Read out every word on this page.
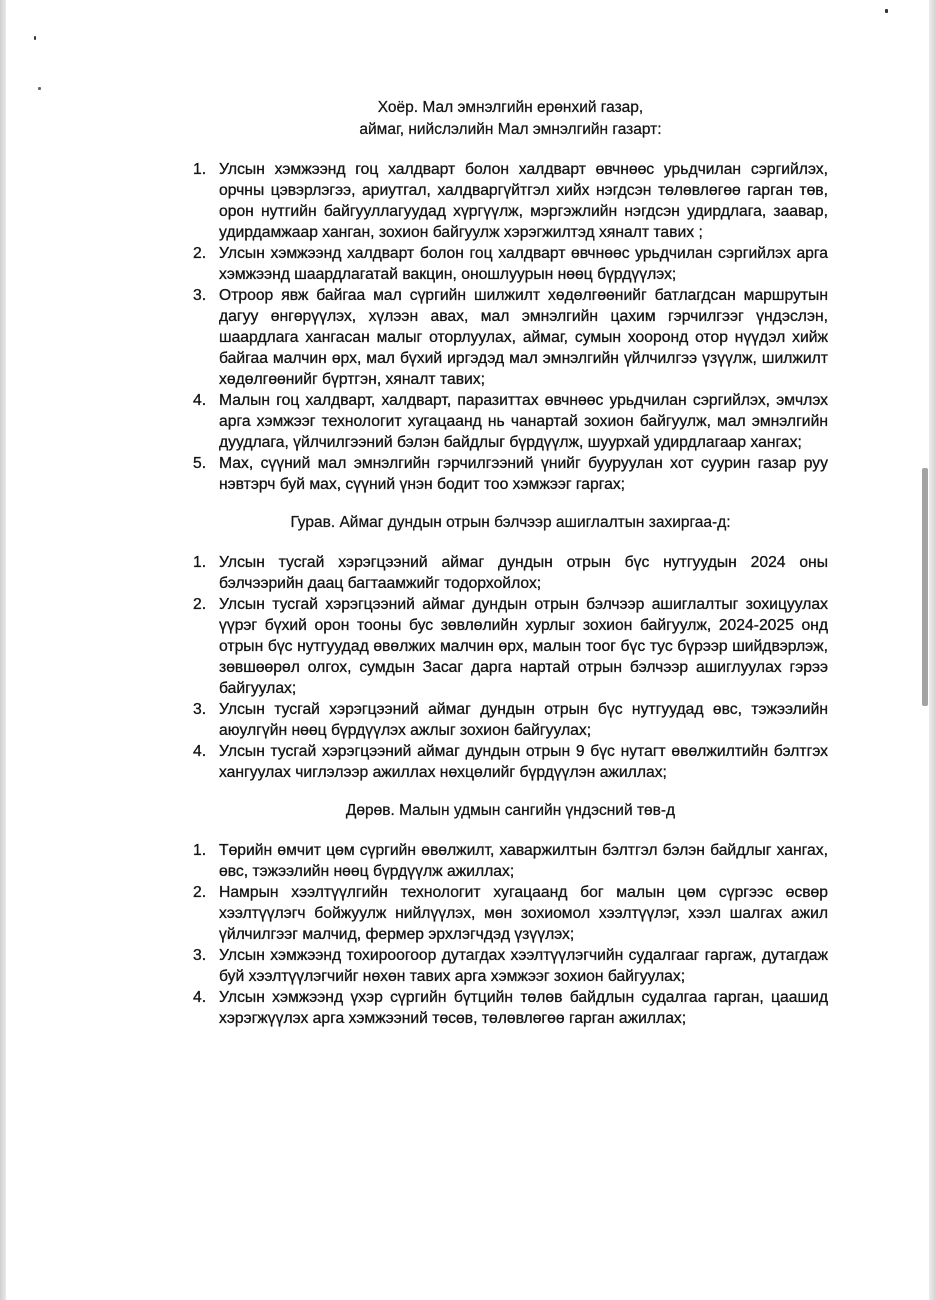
Хоёр. Мал эмнэлгийн ерөнхий газар,
аймаг, нийслэлийн Мал эмнэлгийн газарт:
1. Улсын хэмжээнд гоц халдварт болон халдварт өвчнөөс урьдчилан сэргийлэх, орчны цэвэрлэгээ, ариутгал, халдваргүйтгэл хийх нэгдсэн төлөвлөгөө гарган төв, орон нутгийн байгууллагуудад хүргүүлж, мэргэжлийн нэгдсэн удирдлага, заавар, удирдамжаар ханган, зохион байгуулж хэрэгжилтэд хяналт тавих ;
2. Улсын хэмжээнд халдварт болон гоц халдварт өвчнөөс урьдчилан сэргийлэх арга хэмжээнд шаардлагатай вакцин, оношлуурын нөөц бүрдүүлэх;
3. Отроор явж байгаа мал сүргийн шилжилт хөдөлгөөнийг батлагдсан маршрутын дагуу өнгөрүүлэх, хүлээн авах, мал эмнэлгийн цахим гэрчилгээг үндэслэн, шаардлага хангасан малыг оторлуулах, аймаг, сумын хооронд отор нүүдэл хийж байгаа малчин өрх, мал бүхий иргэдэд мал эмнэлгийн үйлчилгээ үзүүлж, шилжилт хөдөлгөөнийг бүртгэн, хяналт тавих;
4. Малын гоц халдварт, халдварт, паразиттах өвчнөөс урьдчилан сэргийлэх, эмчлэх арга хэмжээг технологит хугацаанд нь чанартай зохион байгуулж, мал эмнэлгийн дуудлага, үйлчилгээний бэлэн байдлыг бүрдүүлж, шуурхай удирдлагаар хангах;
5. Мах, сүүний мал эмнэлгийн гэрчилгээний үнийг бууруулан хот суурин газар руу нэвтэрч буй мах, сүүний үнэн бодит тоо хэмжээг гаргах;
Гурав. Аймаг дундын отрын бэлчээр ашиглалтын захиргаа-д:
1. Улсын тусгай хэрэгцээний аймаг дундын отрын бүс нутгуудын 2024 оны бэлчээрийн даац багтаамжийг тодорхойлох;
2. Улсын тусгай хэрэгцээний аймаг дундын отрын бэлчээр ашиглалтыг зохицуулах үүрэг бүхий орон тооны бус зөвлөлийн хурлыг зохион байгуулж, 2024-2025 онд отрын бүс нутгуудад өвөлжих малчин өрх, малын тоог бүс тус бүрээр шийдвэрлэж, зөвшөөрөл олгох, сумдын Засаг дарга нартай отрын бэлчээр ашиглуулах гэрээ байгуулах;
3. Улсын тусгай хэрэгцээний аймаг дундын отрын бүс нутгуудад өвс, тэжээлийн аюулгүйн нөөц бүрдүүлэх ажлыг зохион байгуулах;
4. Улсын тусгай хэрэгцээний аймаг дундын отрын 9 бүс нутагт өвөлжилтийн бэлтгэх хангуулах чиглэлээр ажиллах нөхцөлийг бүрдүүлэн ажиллах;
Дөрөв. Малын удмын сангийн үндэсний төв-д
1. Төрийн өмчит цөм сүргийн өвөлжилт, хаваржилтын бэлтгэл бэлэн байдлыг хангах, өвс, тэжээлийн нөөц бүрдүүлж ажиллах;
2. Намрын хээлтүүлгийн технологит хугацаанд бог малын цөм сүргээс өсвөр хээлтүүлэгч бойжуулж нийлүүлэх, мөн зохиомол хээлтүүлэг, хээл шалгах ажил үйлчилгээг малчид, фермер эрхлэгчдэд үзүүлэх;
3. Улсын хэмжээнд тохироогоор дутагдах хээлтүүлэгчийн судалгааг гаргаж, дутагдаж буй хээлтүүлэгчийг нөхөн тавих арга хэмжээг зохион байгуулах;
4. Улсын хэмжээнд үхэр сүргийн бүтцийн төлөв байдлын судалгаа гарган, цаашид хэрэгжүүлэх арга хэмжээний төсөв, төлөвлөгөө гарган ажиллах;
